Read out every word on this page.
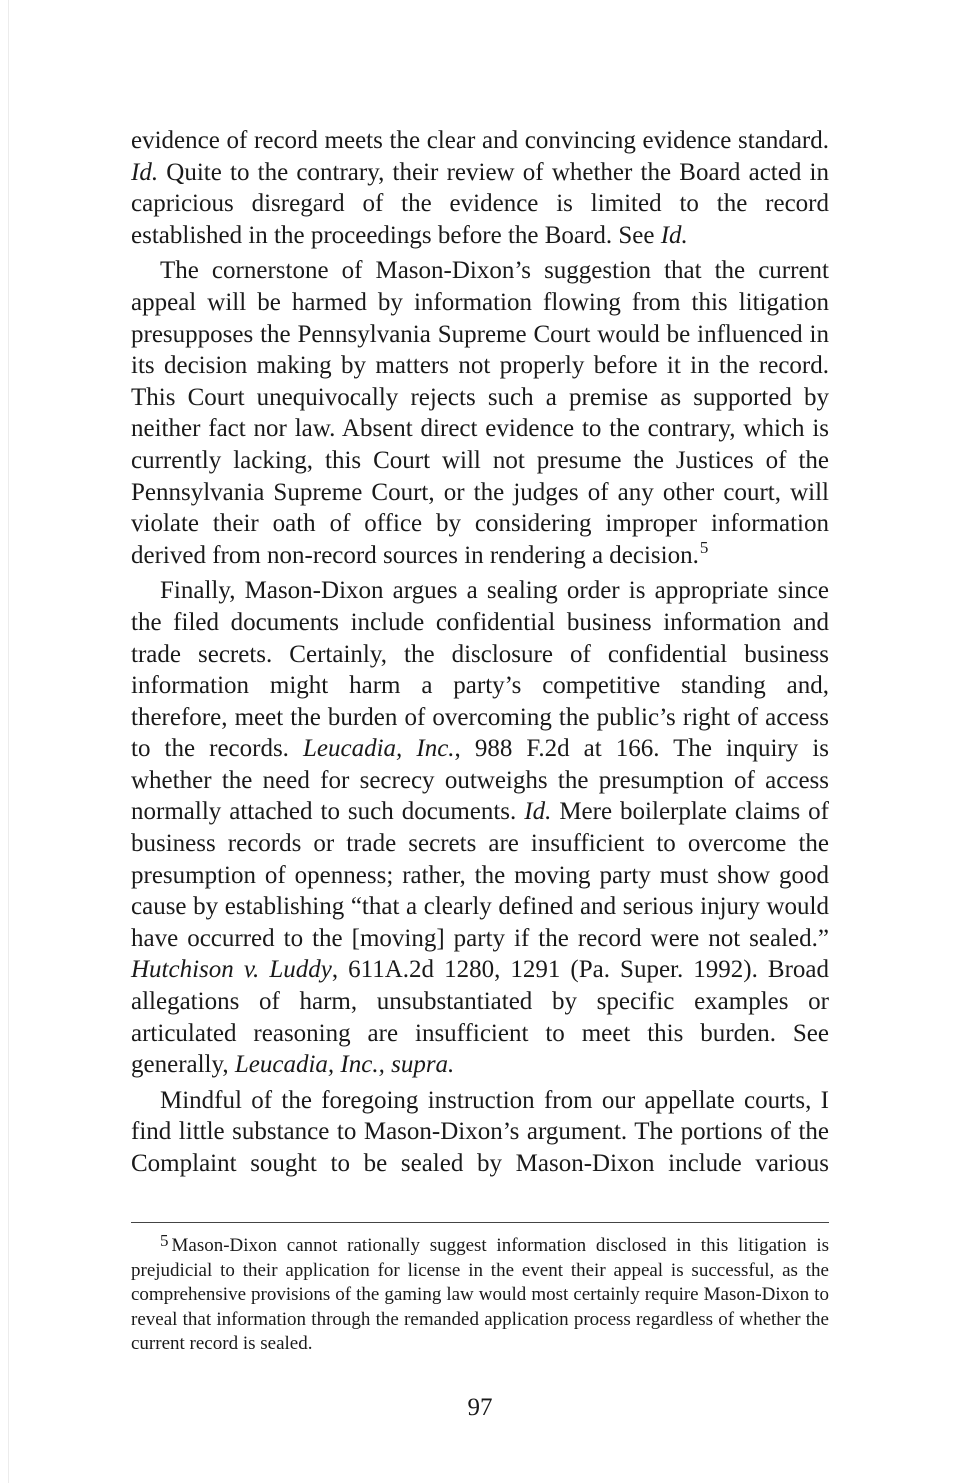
evidence of record meets the clear and convincing evidence standard. Id. Quite to the contrary, their review of whether the Board acted in capricious disregard of the evidence is limited to the record established in the proceedings before the Board. See Id.

The cornerstone of Mason-Dixon’s suggestion that the current appeal will be harmed by information flowing from this litigation presupposes the Pennsylvania Supreme Court would be influenced in its decision making by matters not properly before it in the record. This Court unequivocally rejects such a premise as supported by neither fact nor law. Absent direct evidence to the contrary, which is currently lacking, this Court will not presume the Justices of the Pennsylvania Supreme Court, or the judges of any other court, will violate their oath of office by considering improper information derived from non-record sources in rendering a decision.$^5$

Finally, Mason-Dixon argues a sealing order is appropriate since the filed documents include confidential business information and trade secrets. Certainly, the disclosure of confidential business information might harm a party’s competitive standing and, therefore, meet the burden of overcoming the public’s right of access to the records. Leucadia, Inc., 988 F.2d at 166. The inquiry is whether the need for secrecy outweighs the presumption of access normally attached to such documents. Id. Mere boilerplate claims of business records or trade secrets are insufficient to overcome the presumption of openness; rather, the moving party must show good cause by establishing “that a clearly defined and serious injury would have occurred to the [moving] party if the record were not sealed.” Hutchison v. Luddy, 611A.2d 1280, 1291 (Pa. Super. 1992). Broad allegations of harm, unsubstantiated by specific examples or articulated reasoning are insufficient to meet this burden. See generally, Leucadia, Inc., supra.

Mindful of the foregoing instruction from our appellate courts, I find little substance to Mason-Dixon’s argument. The portions of the Complaint sought to be sealed by Mason-Dixon include various

5 Mason-Dixon cannot rationally suggest information disclosed in this litigation is prejudicial to their application for license in the event their appeal is successful, as the comprehensive provisions of the gaming law would most certainly require Mason-Dixon to reveal that information through the remanded application process regardless of whether the current record is sealed.

97
